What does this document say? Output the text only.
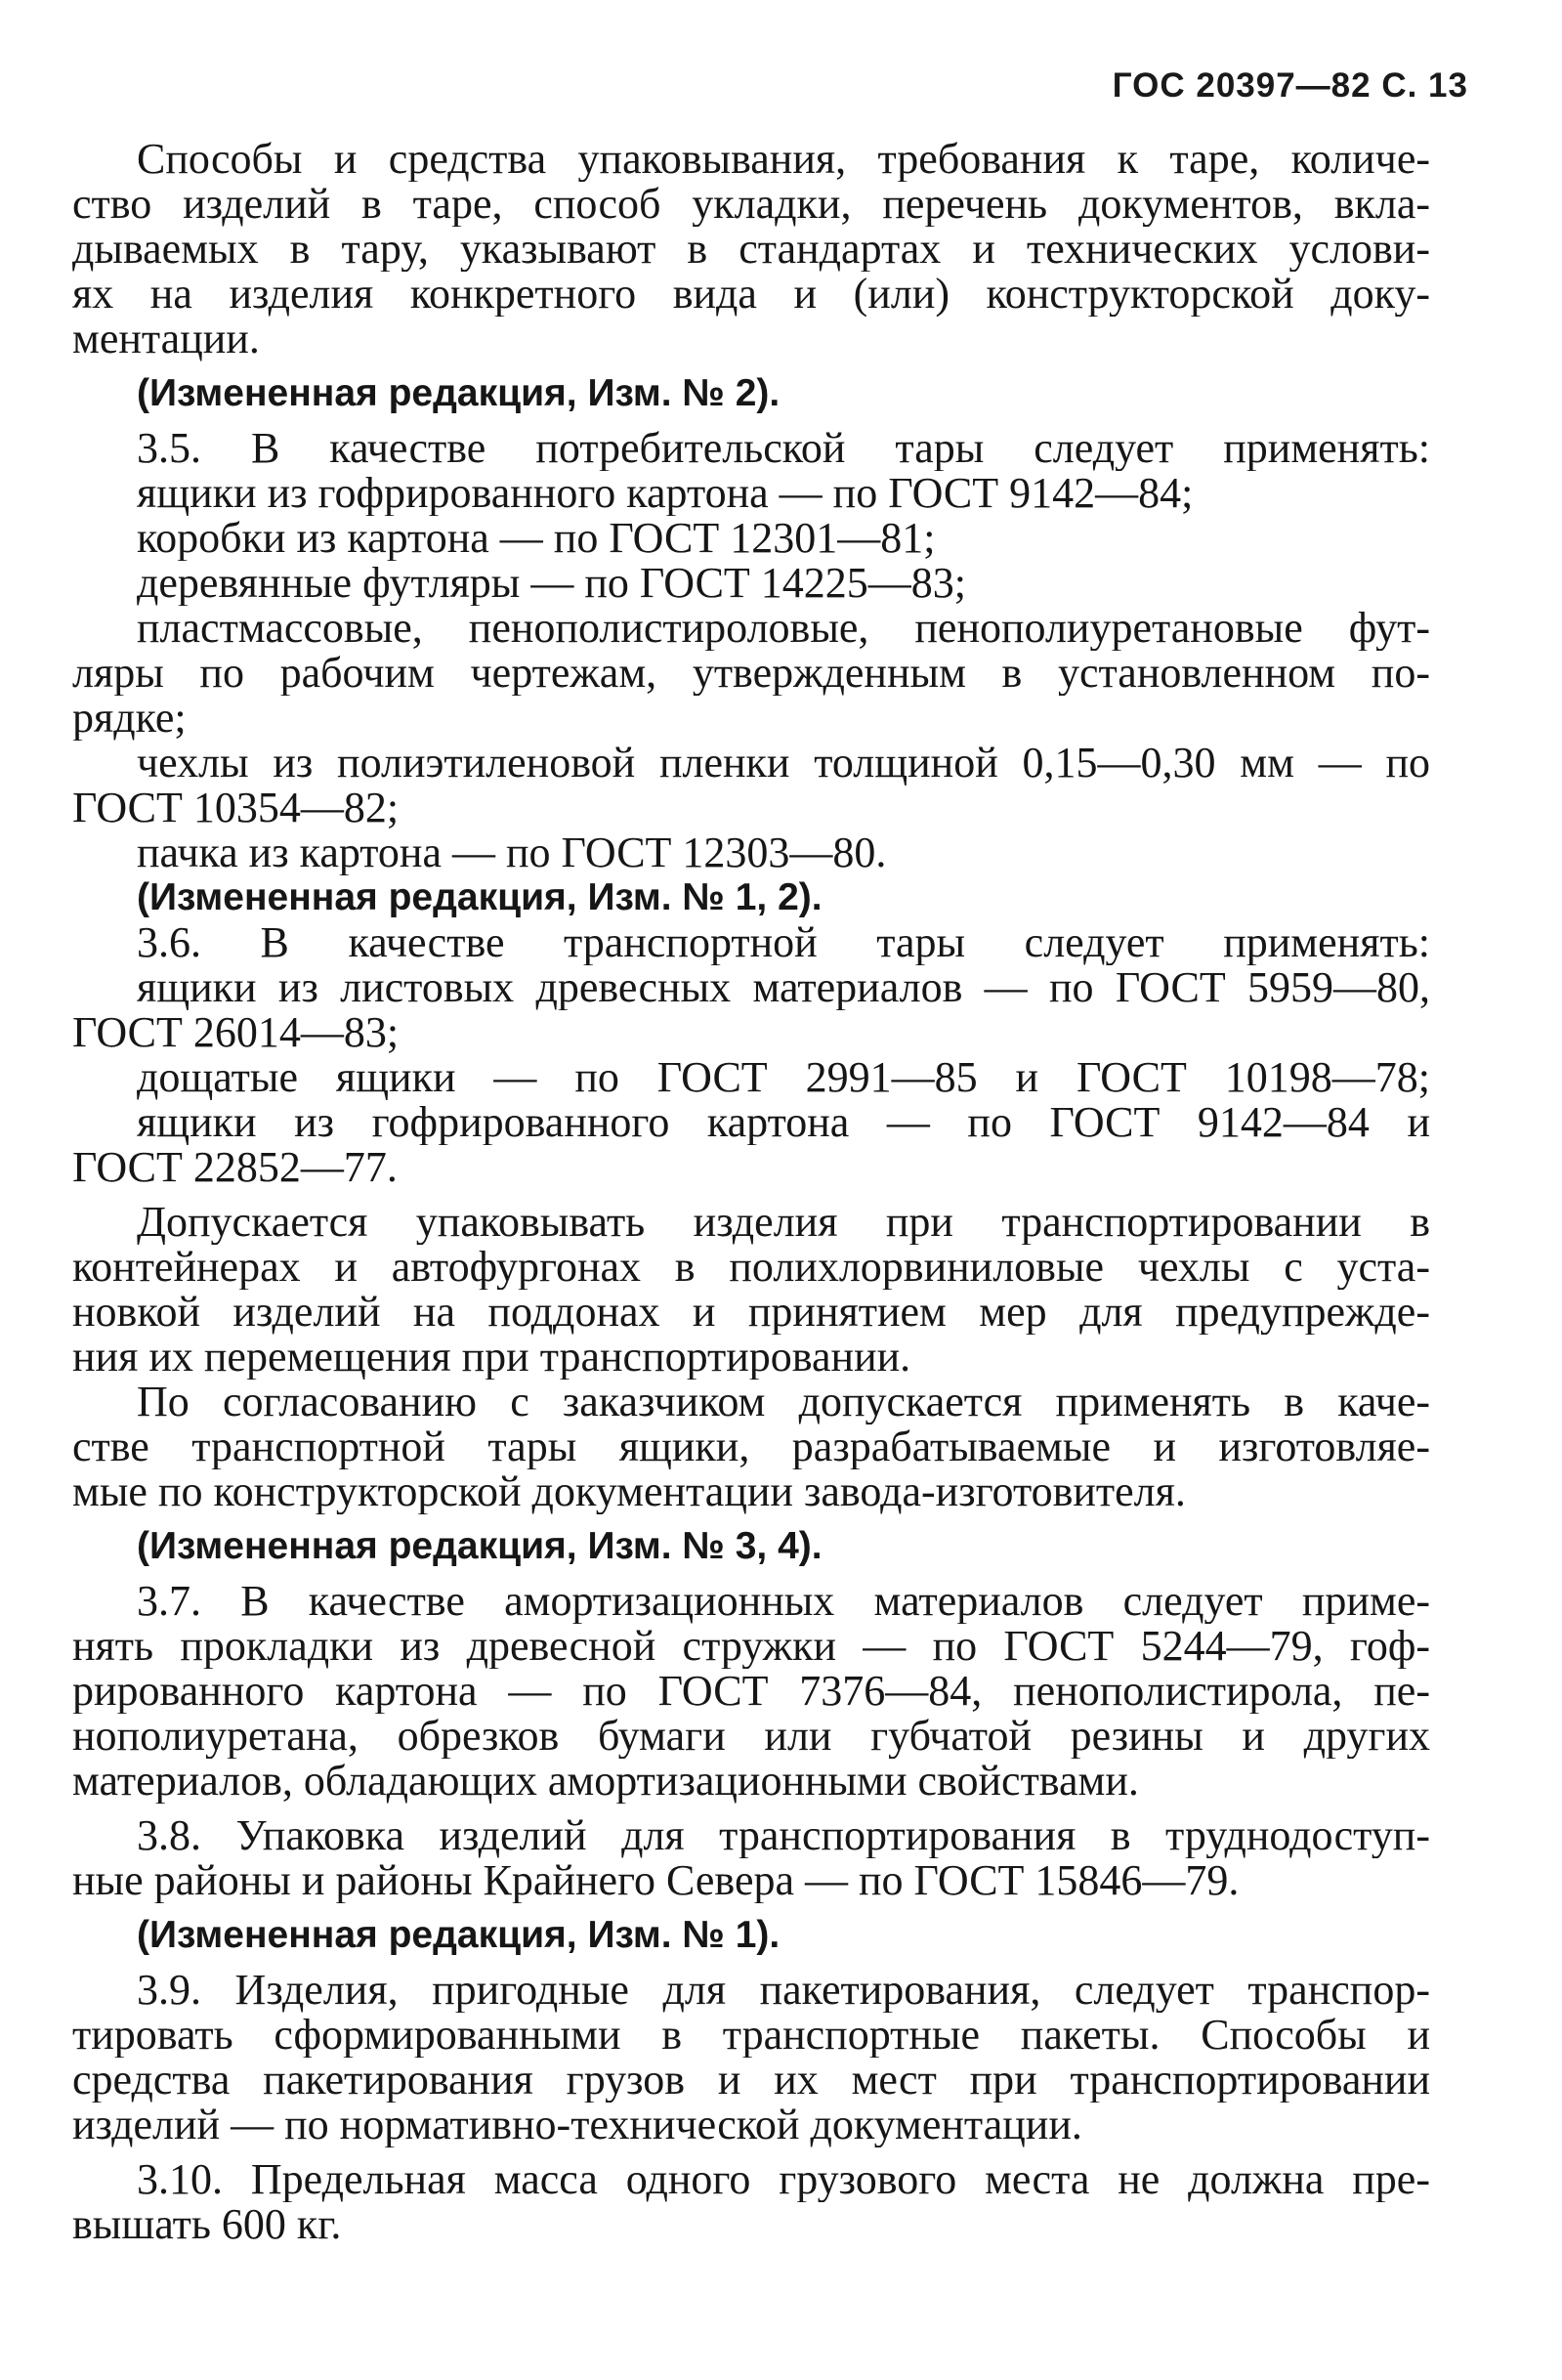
ГОС 20397—82 С. 13
Способы и средства упаковывания, требования к таре, количе-
ство изделий в таре, способ укладки, перечень документов, вкла-
дываемых в тару, указывают в стандартах и технических услови-
ях на изделия конкретного вида и (или) конструкторской доку-
ментации.
(Измененная редакция, Изм. № 2).
3.5. В качестве потребительской тары следует применять:
ящики из гофрированного картона — по ГОСТ 9142—84;
коробки из картона — по ГОСТ 12301—81;
деревянные футляры — по ГОСТ 14225—83;
пластмассовые, пенополистироловые, пенополиуретановые фут-
ляры по рабочим чертежам, утвержденным в установленном по-
рядке;
чехлы из полиэтиленовой пленки толщиной 0,15—0,30 мм — по
ГОСТ 10354—82;
пачка из картона — по ГОСТ 12303—80.
(Измененная редакция, Изм. № 1, 2).
3.6. В качестве транспортной тары следует применять:
ящики из листовых древесных материалов — по ГОСТ 5959—80,
ГОСТ 26014—83;
дощатые ящики — по ГОСТ 2991—85 и ГОСТ 10198—78;
ящики из гофрированного картона — по ГОСТ 9142—84 и
ГОСТ 22852—77.
Допускается упаковывать изделия при транспортировании в
контейнерах и автофургонах в полихлорвиниловые чехлы с уста-
новкой изделий на поддонах и принятием мер для предупрежде-
ния их перемещения при транспортировании.
По согласованию с заказчиком допускается применять в каче-
стве транспортной тары ящики, разрабатываемые и изготовляе-
мые по конструкторской документации завода-изготовителя.
(Измененная редакция, Изм. № 3, 4).
3.7. В качестве амортизационных материалов следует приме-
нять прокладки из древесной стружки — по ГОСТ 5244—79, гоф-
рированного картона — по ГОСТ 7376—84, пенополистирола, пе-
нополиуретана, обрезков бумаги или губчатой резины и других
материалов, обладающих амортизационными свойствами.
3.8. Упаковка изделий для транспортирования в труднодоступ-
ные районы и районы Крайнего Севера — по ГОСТ 15846—79.
(Измененная редакция, Изм. № 1).
3.9. Изделия, пригодные для пакетирования, следует транспор-
тировать сформированными в транспортные пакеты. Способы и
средства пакетирования грузов и их мест при транспортировании
изделий — по нормативно-технической документации.
3.10. Предельная масса одного грузового места не должна пре-
вышать 600 кг.
